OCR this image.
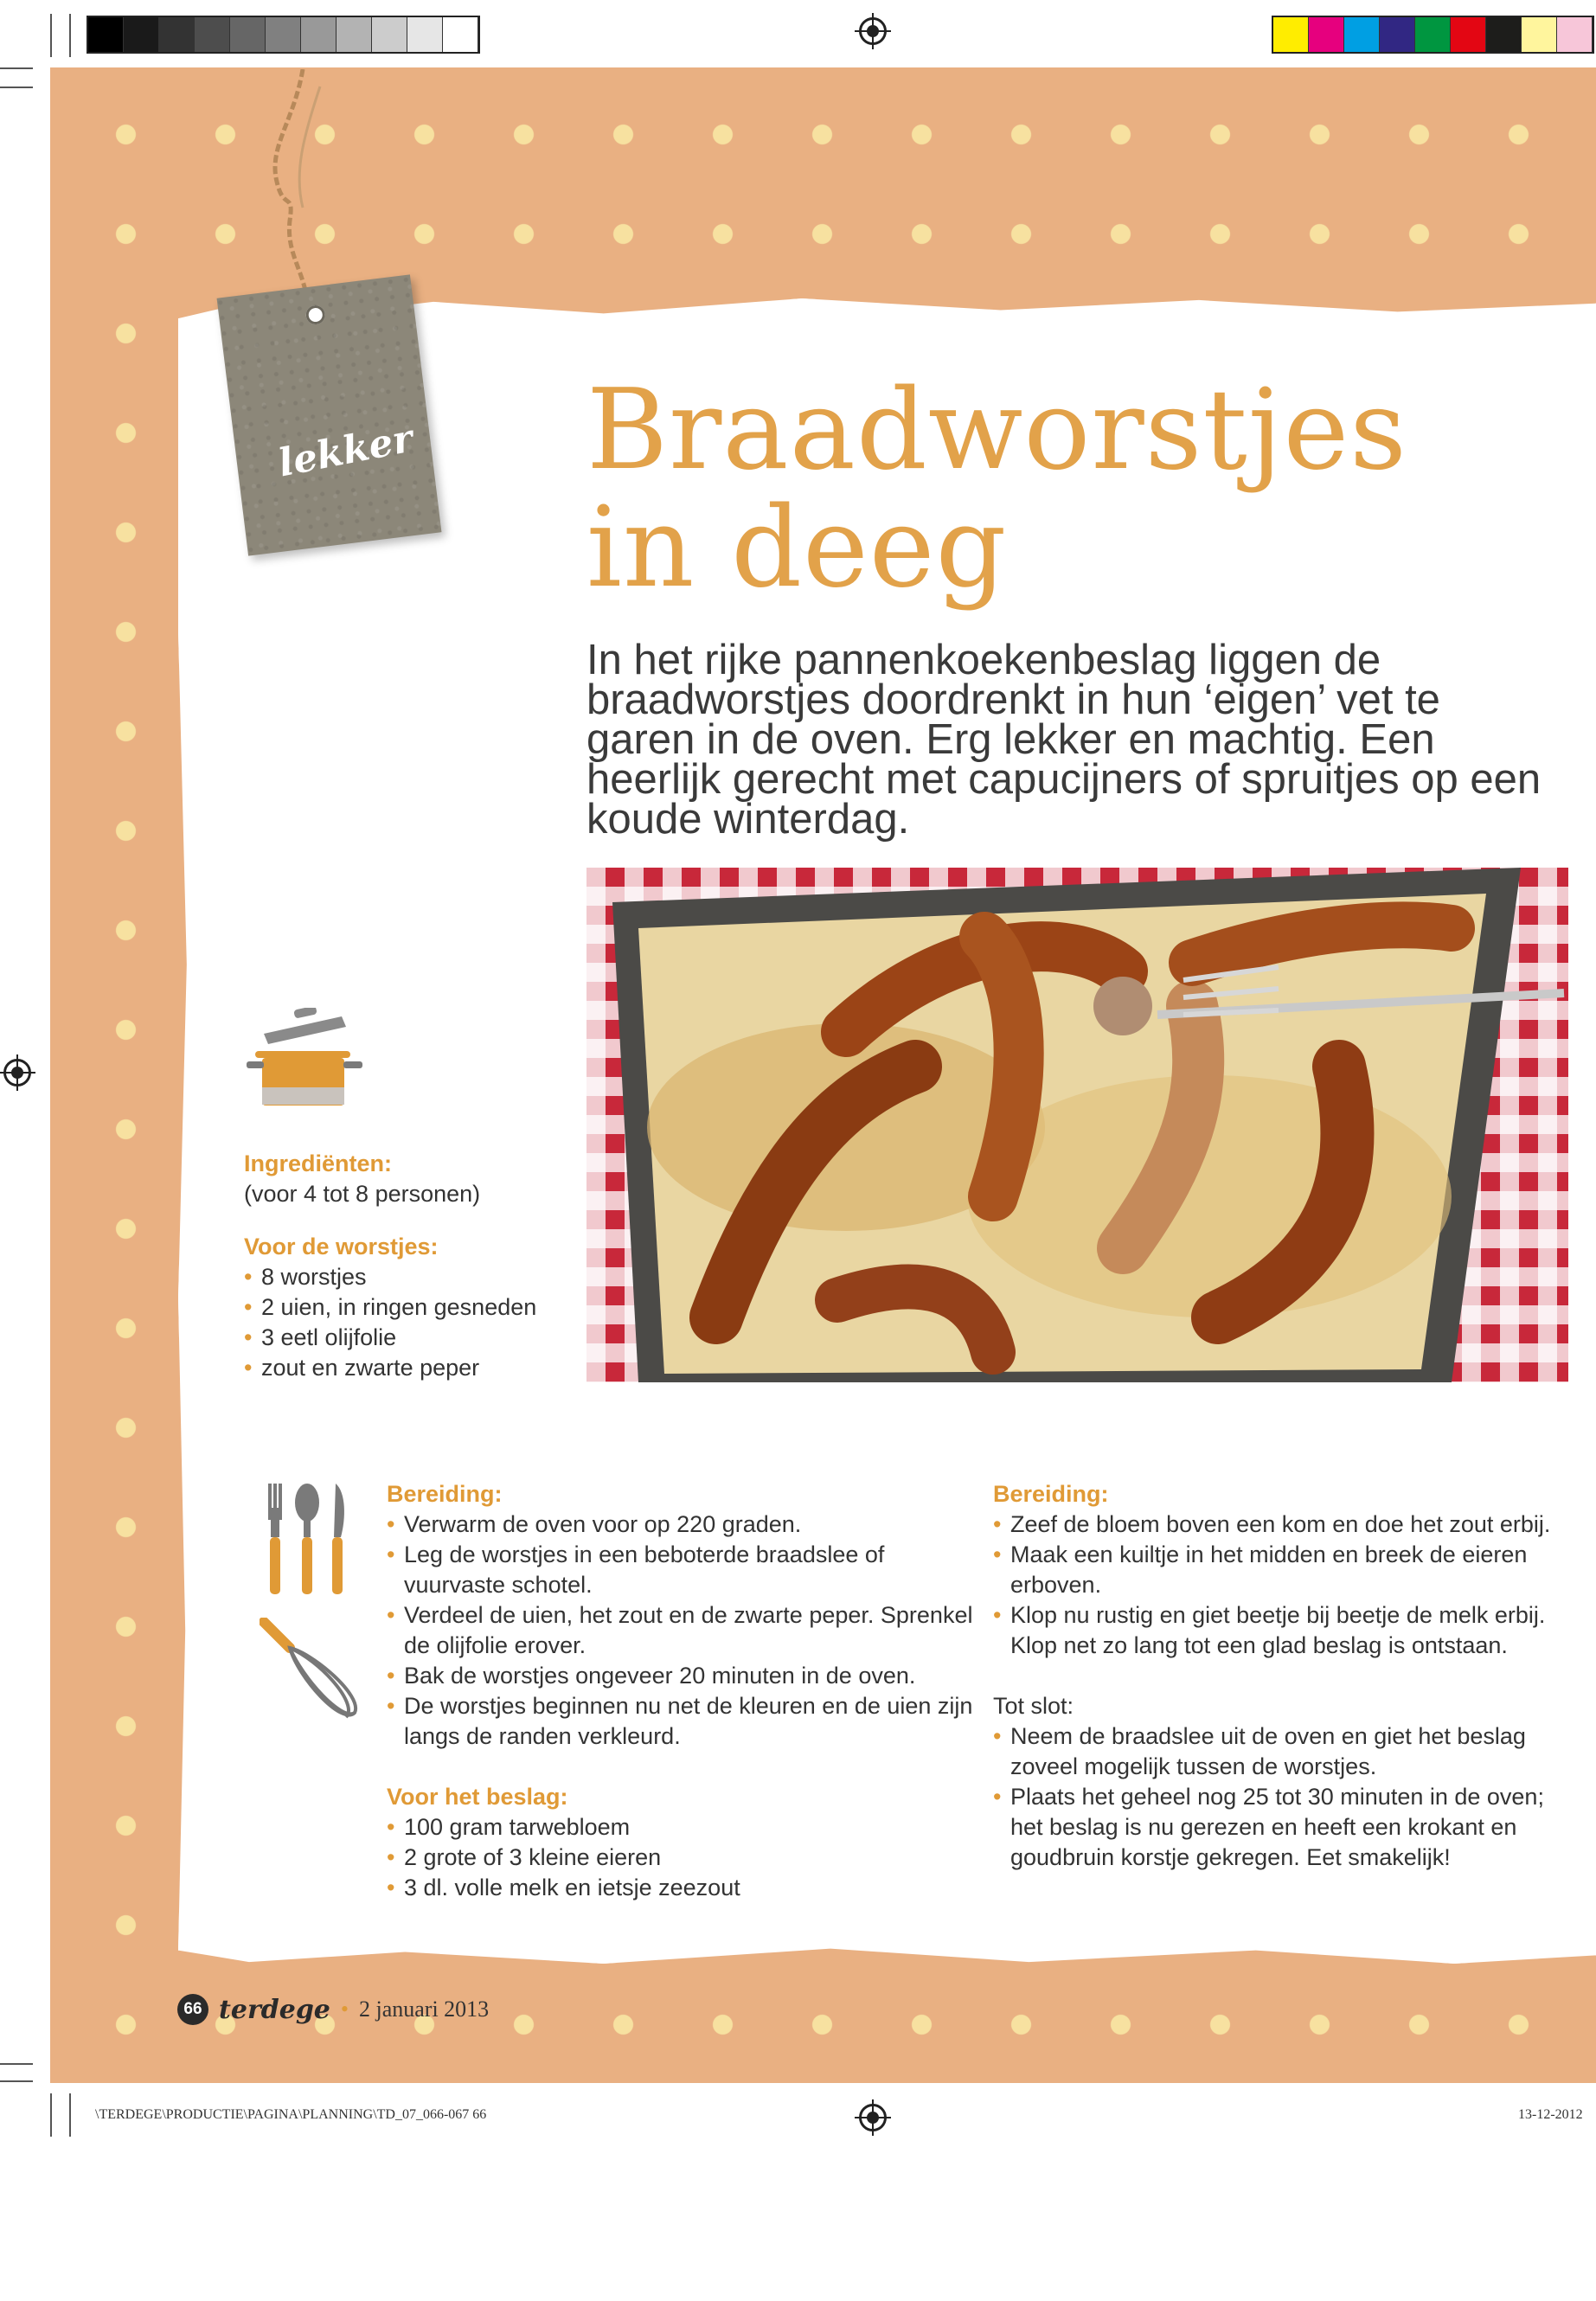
lekker Braadworstjes
in deeg
In het rijke pannenkoekenbeslag liggen de braadworstjes doordrenkt in hun ‘eigen’ vet te garen in de oven. Erg lekker en machtig. Een heerlijk gerecht met capucijners of spruitjes op een koude winterdag.
Ingrediënten:
(voor 4 tot 8 personen)
Voor de worstjes:
• 8 worstjes
• 2 uien, in ringen gesneden
• 3 eetl olijfolie
• zout en zwarte peper
Bereiding:
• Verwarm de oven voor op 220 graden.
• Leg de worstjes in een beboterde braadslee of vuurvaste schotel.
• Verdeel de uien, het zout en de zwarte peper. Sprenkel de olijfolie erover.
• Bak de worstjes ongeveer 20 minuten in de oven.
• De worstjes beginnen nu net de kleuren en de uien zijn langs de randen verkleurd.
Voor het beslag:
• 100 gram tarwebloem
• 2 grote of 3 kleine eieren
• 3 dl. volle melk en ietsje zeezout
Bereiding:
• Zeef de bloem boven een kom en doe het zout erbij.
• Maak een kuiltje in het midden en breek de eieren erboven.
• Klop nu rustig en giet beetje bij beetje de melk erbij. Klop net zo lang tot een glad beslag is ontstaan.

Tot slot:

• Neem de braadslee uit de oven en giet het beslag zoveel mogelijk tussen de worstjes.
• Plaats het geheel nog 25 tot 30 minuten in de oven; het beslag is nu gerezen en heeft een krokant en goudbruin korstje gekregen. Eet smakelijk!
66 terdege • 2 januari 2013
\TERDEGE\PRODUCTIE\PAGINA\PLANNING\TD_07_066-067 66	13-12-2012
